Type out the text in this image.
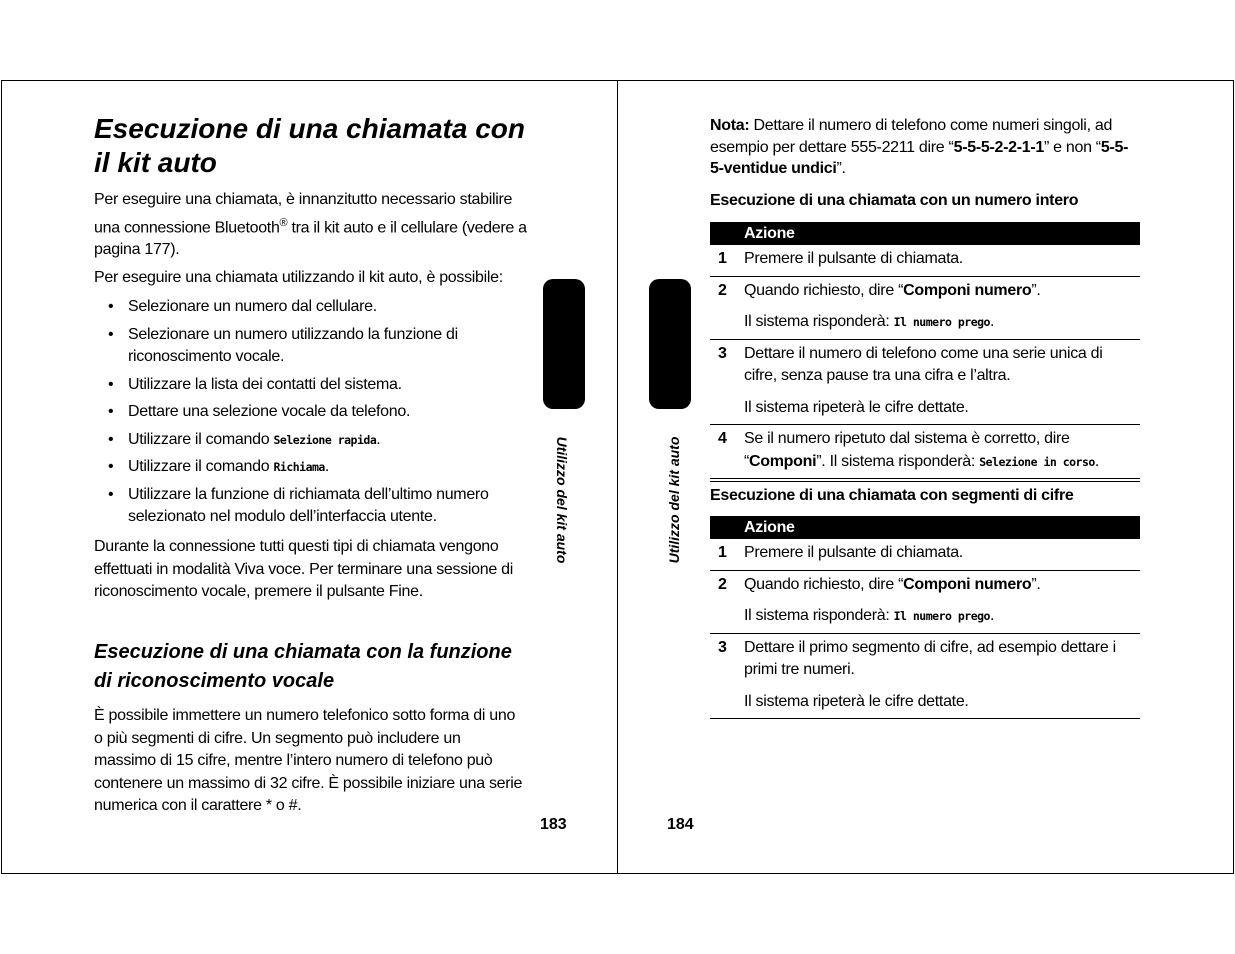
Esecuzione di una chiamata con il kit auto

Per eseguire una chiamata, è innanzitutto necessario stabilire una connessione Bluetooth® tra il kit auto e il cellulare (vedere a pagina 177).

Per eseguire una chiamata utilizzando il kit auto, è possibile:

• Selezionare un numero dal cellulare.
• Selezionare un numero utilizzando la funzione di riconoscimento vocale.
• Utilizzare la lista dei contatti del sistema.
• Dettare una selezione vocale da telefono.
• Utilizzare il comando Selezione rapida.
• Utilizzare il comando Richiama.
• Utilizzare la funzione di richiamata dell’ultimo numero selezionato nel modulo dell’interfaccia utente.

Durante la connessione tutti questi tipi di chiamata vengono effettuati in modalità Viva voce. Per terminare una sessione di riconoscimento vocale, premere il pulsante Fine.

Esecuzione di una chiamata con la funzione di riconoscimento vocale

È possibile immettere un numero telefonico sotto forma di uno o più segmenti di cifre. Un segmento può includere un massimo di 15 cifre, mentre l’intero numero di telefono può contenere un massimo di 32 cifre. È possibile iniziare una serie numerica con il carattere * o #.

183
Utilizzo del kit auto	Utilizzo del kit auto

Nota: Dettare il numero di telefono come numeri singoli, ad esempio per dettare 555-2211 dire “5-5-5-2-2-1-1” e non “5-5-5-ventidue undici”.

Esecuzione di una chiamata con un numero intero

Azione
1 Premere il pulsante di chiamata.
2 Quando richiesto, dire “Componi numero”.
Il sistema risponderà: Il numero prego.
3 Dettare il numero di telefono come una serie unica di cifre, senza pause tra una cifra e l’altra.
Il sistema ripeterà le cifre dettate.
4 Se il numero ripetuto dal sistema è corretto, dire “Componi”. Il sistema risponderà: Selezione in corso.

Esecuzione di una chiamata con segmenti di cifre

Azione
1 Premere il pulsante di chiamata.
2 Quando richiesto, dire “Componi numero”.
Il sistema risponderà: Il numero prego.
3 Dettare il primo segmento di cifre, ad esempio dettare i primi tre numeri.
Il sistema ripeterà le cifre dettate.
184
